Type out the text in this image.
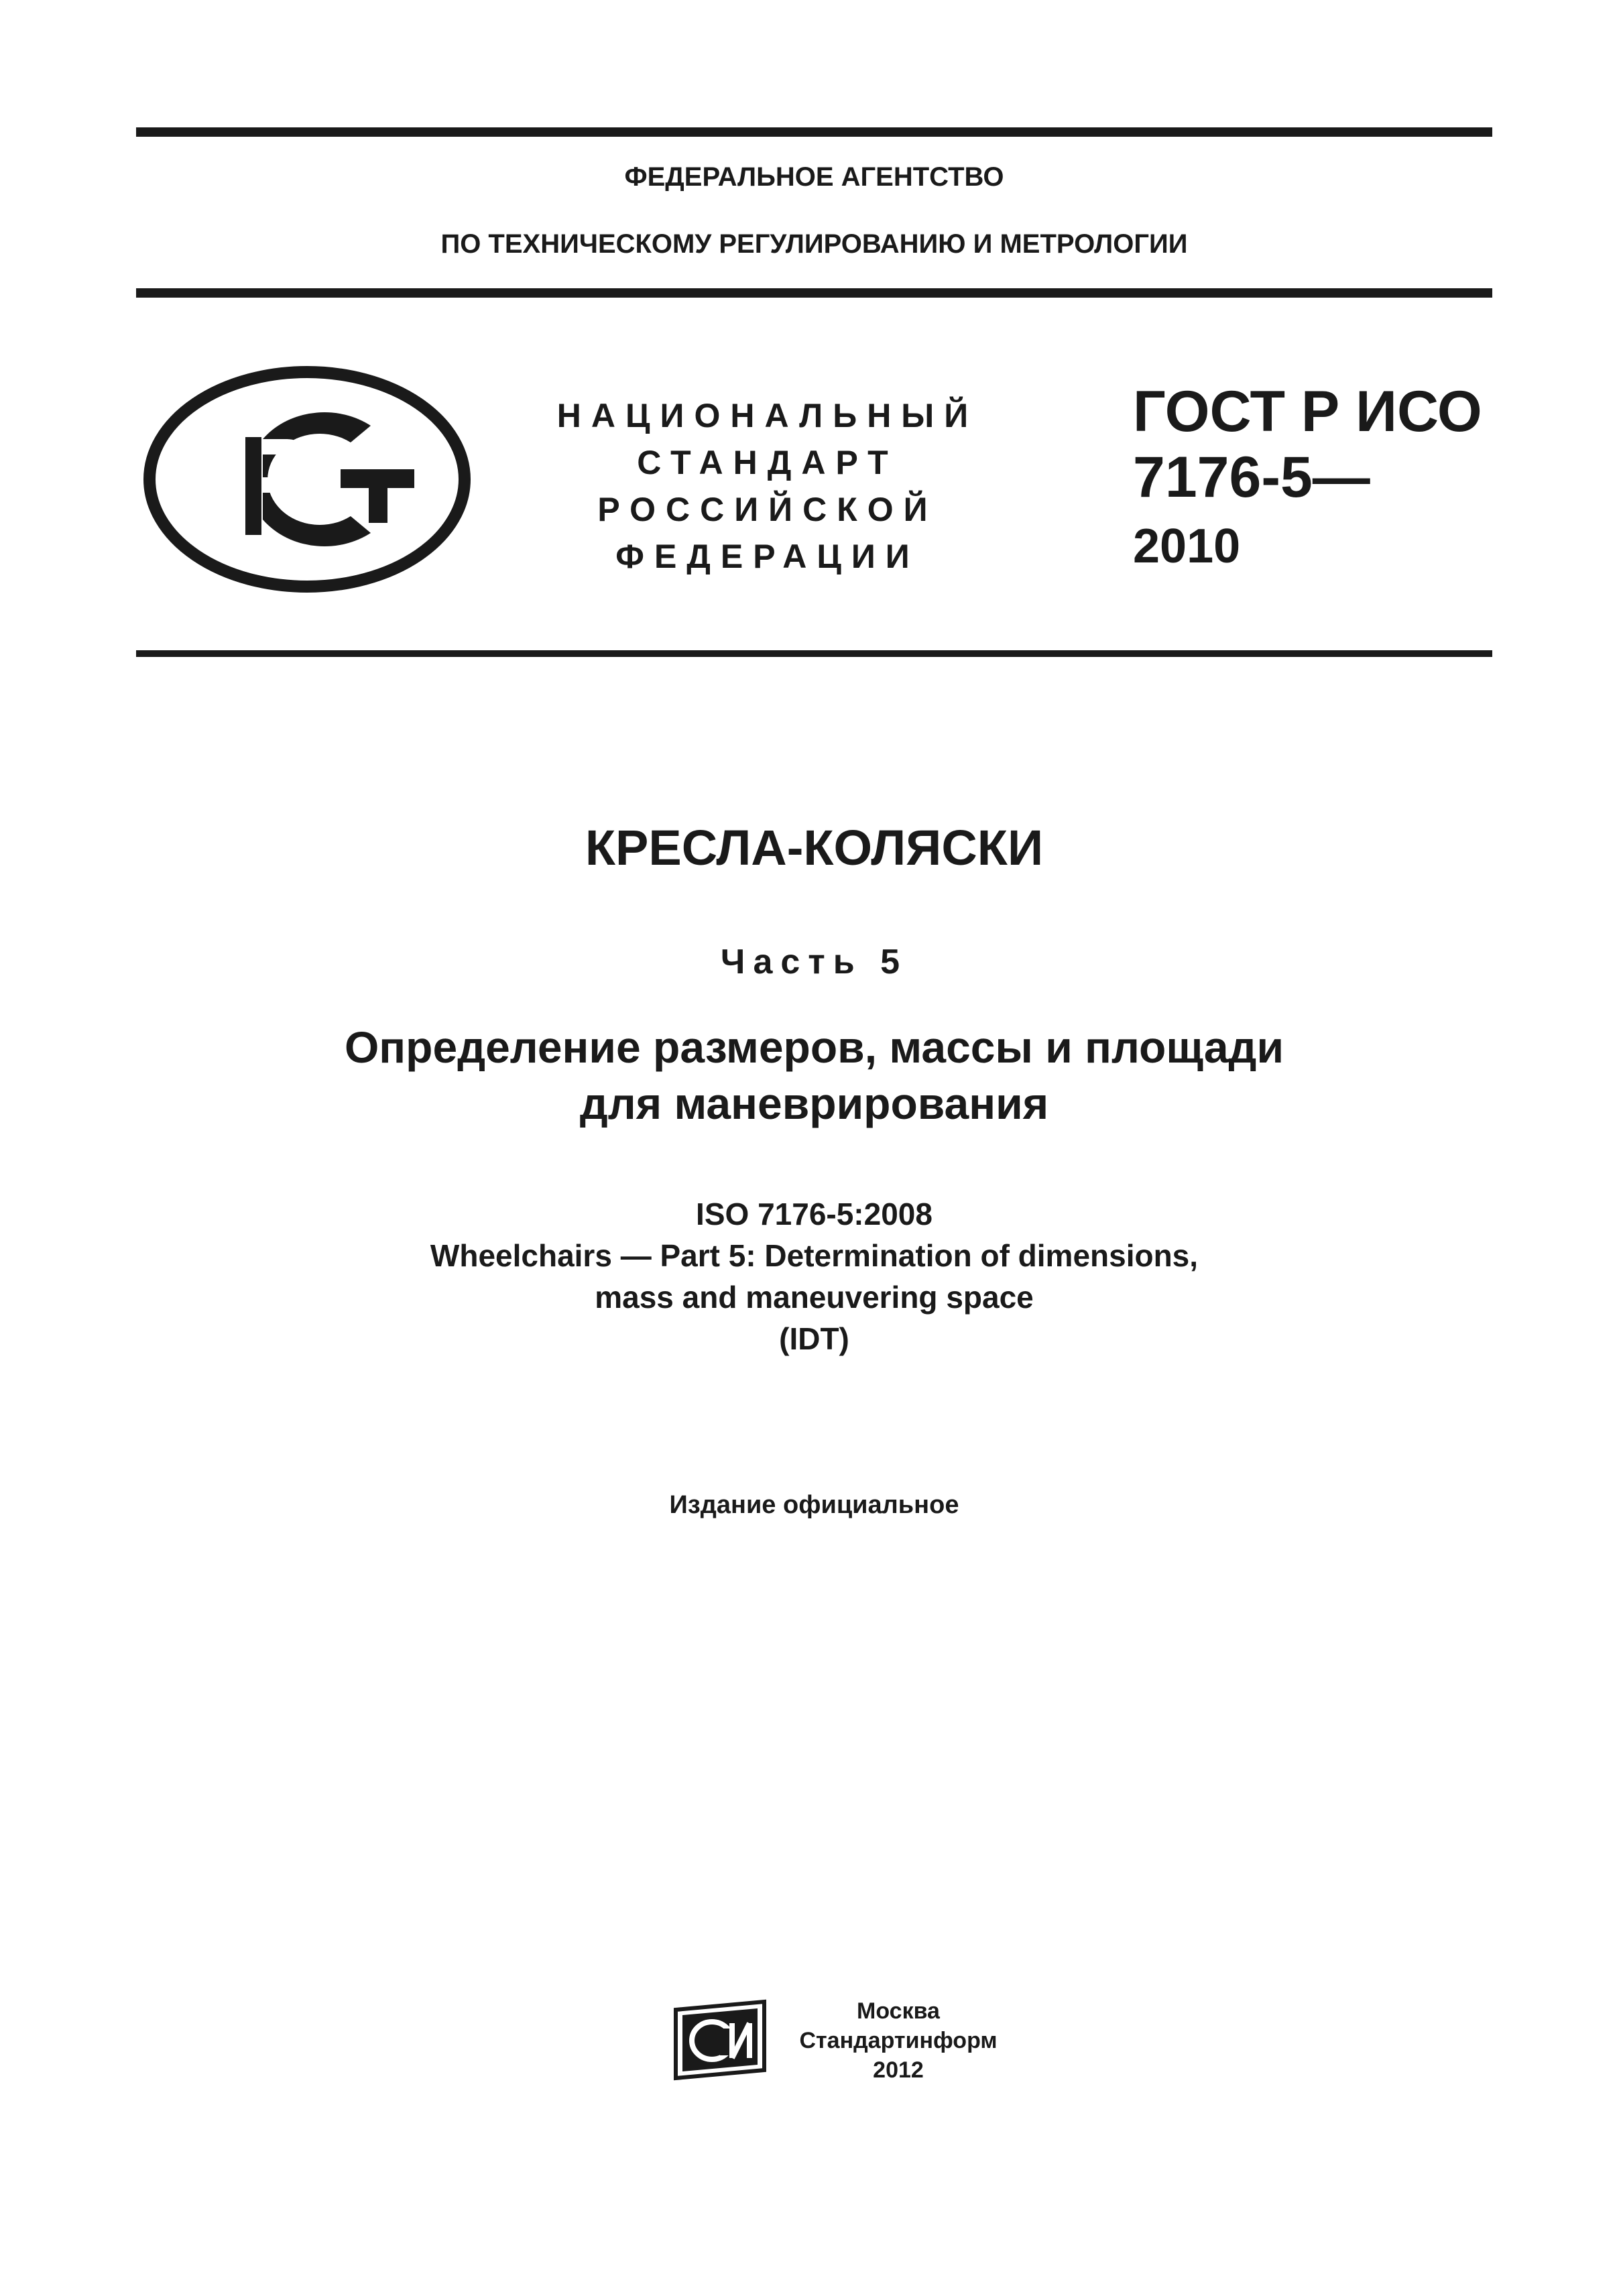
ФЕДЕРАЛЬНОЕ АГЕНТСТВО
ПО ТЕХНИЧЕСКОМУ РЕГУЛИРОВАНИЮ И МЕТРОЛОГИИ
НАЦИОНАЛЬНЫЙ
СТАНДАРТ
РОССИЙСКОЙ
ФЕДЕРАЦИИ
ГОСТ Р ИСО
7176-5—
2010
КРЕСЛА-КОЛЯСКИ
Часть 5
Определение размеров, массы и площади
для маневрирования
ISO 7176-5:2008
Wheelchairs — Part 5: Determination of dimensions,
mass and maneuvering space
(IDT)
Издание официальное
Москва
Стандартинформ
2012
